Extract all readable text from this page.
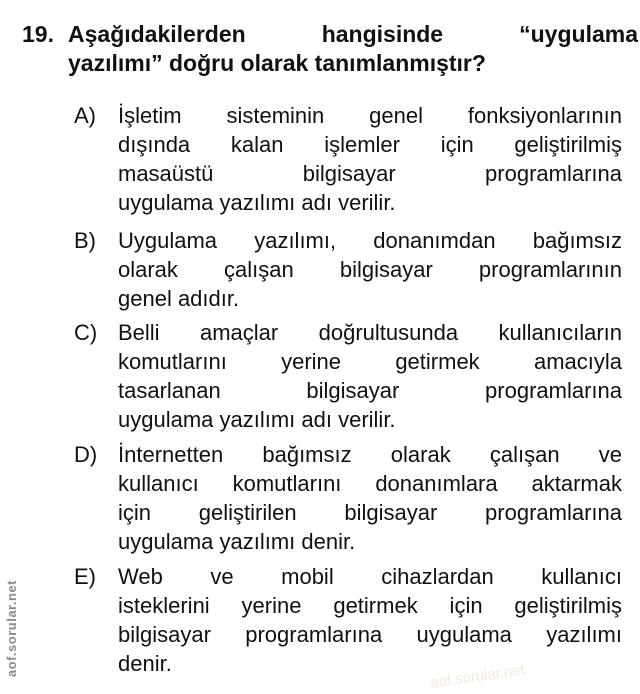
19. Aşağıdakilerden hangisinde “uygulama
yazılımı” doğru olarak tanımlanmıştır?
A) İşletim sisteminin genel fonksiyonlarının
dışında kalan işlemler için geliştirilmiş
masaüstü bilgisayar programlarına
uygulama yazılımı adı verilir.
B) Uygulama yazılımı, donanımdan bağımsız
olarak çalışan bilgisayar programlarının
genel adıdır.
C) Belli amaçlar doğrultusunda kullanıcıların
komutlarını yerine getirmek amacıyla
tasarlanan bilgisayar programlarına
uygulama yazılımı adı verilir.
D) İnternetten bağımsız olarak çalışan ve
kullanıcı komutlarını donanımlara aktarmak
için geliştirilen bilgisayar programlarına
uygulama yazılımı denir.
E) Web ve mobil cihazlardan kullanıcı
isteklerini yerine getirmek için geliştirilmiş
bilgisayar programlarına uygulama yazılımı
denir.
aof.sorular.net	aof.sorular.net
